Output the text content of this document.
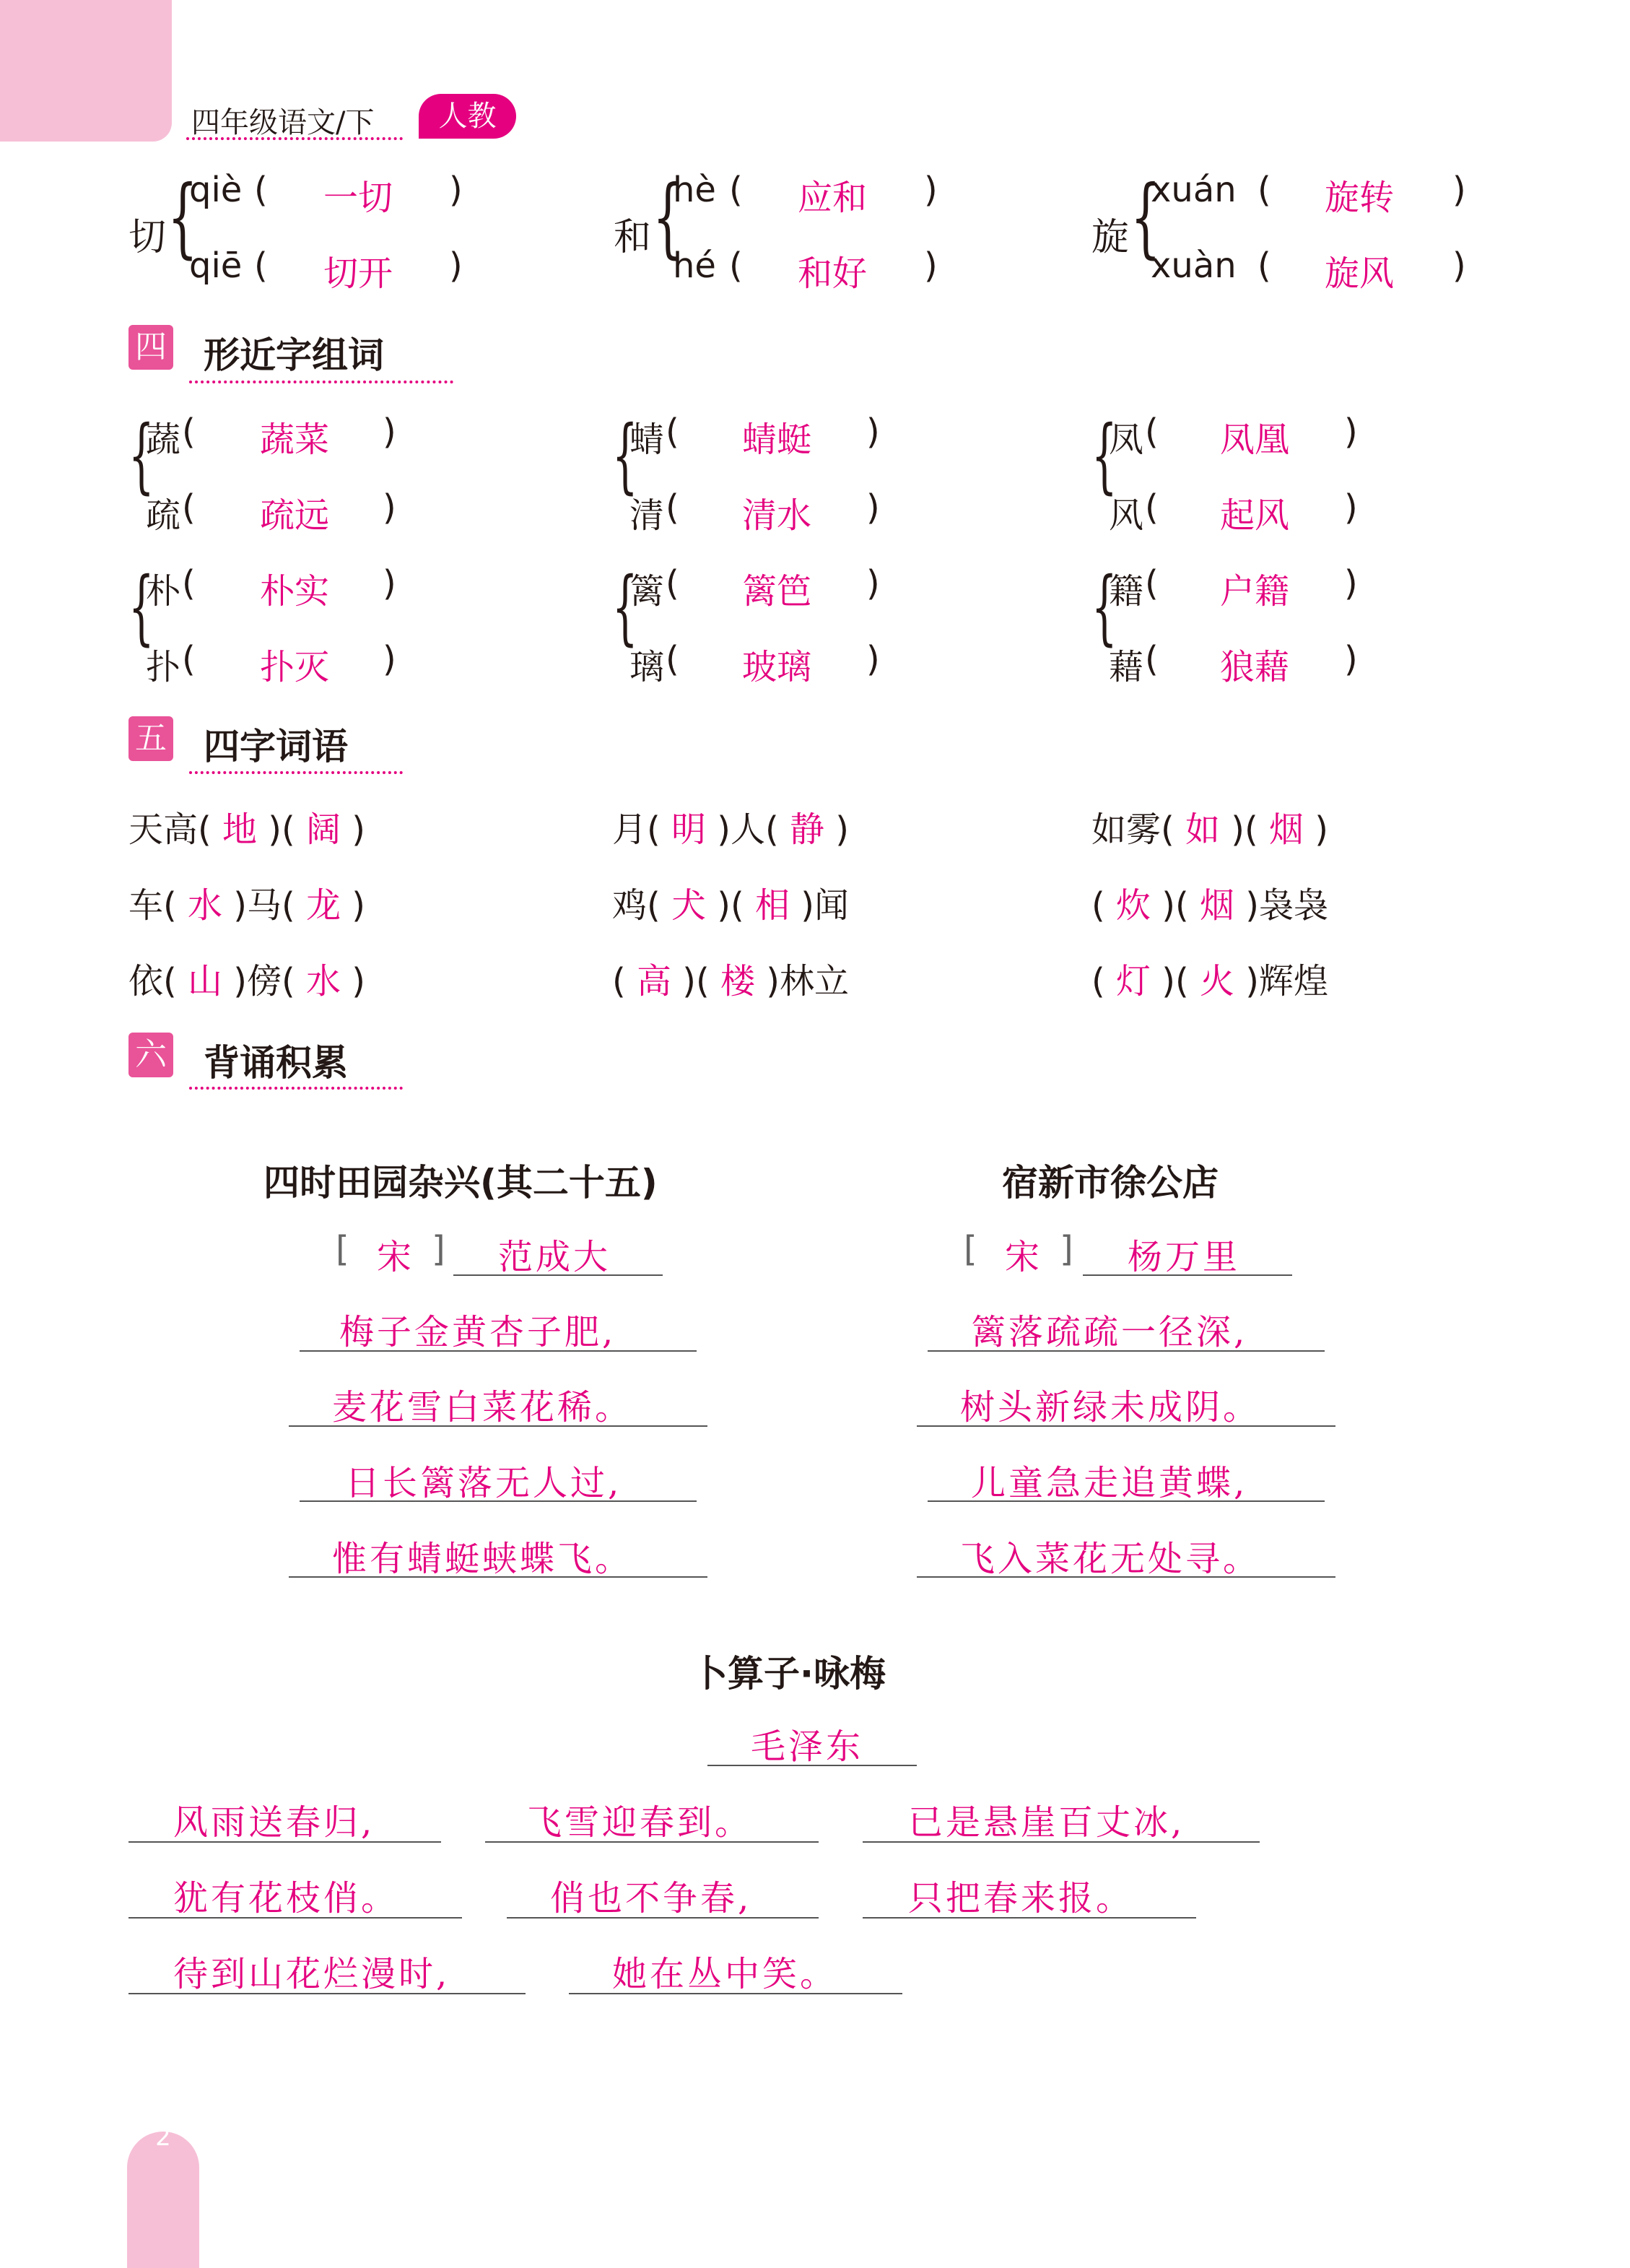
四年级语文/下	人教
切 {
qiè ( 一切 )
qiē ( 切开 )
和 {
hè ( 应和 )
hé ( 和好 )
旋 {
xuán ( 旋转 )
xuàn ( 旋风 )
四 形近字组词
{
蔬 ( 蔬菜 )
疏 ( 疏远 )
{
蜻 ( 蜻蜓 )
清 ( 清水 )
{
凤 ( 凤凰 )
风 ( 起风 )
{
朴 ( 朴实 )
扑 ( 扑灭 )
{
篱 ( 篱笆 )
璃 ( 玻璃 )
{
籍 ( 户籍 )
藉 ( 狼藉 )
五 四字词语
天高( 地 )( 阔 )	月( 明 )人( 静 )	如雾( 如 )( 烟 )
车( 水 )马( 龙 )	鸡( 犬 )( 相 )闻	( 炊 )( 烟 )袅袅
依( 山 )傍( 水 )	( 高 )( 楼 )林立	( 灯 )( 火 )辉煌
六 背诵积累
四时田园杂兴(其二十五)
[ 宋 ] 范成大
梅子金黄杏子肥,
麦花雪白菜花稀。
日长篱落无人过,
惟有蜻蜓蛱蝶飞。
宿新市徐公店
[ 宋 ] 杨万里
篱落疏疏一径深,
树头新绿未成阴。
儿童急走追黄蝶,
飞入菜花无处寻。
卜算子·咏梅
毛泽东
风雨送春归,	飞雪迎春到。	已是悬崖百丈冰,
犹有花枝俏。	俏也不争春,	只把春来报。
待到山花烂漫时,	她在丛中笑。
2
